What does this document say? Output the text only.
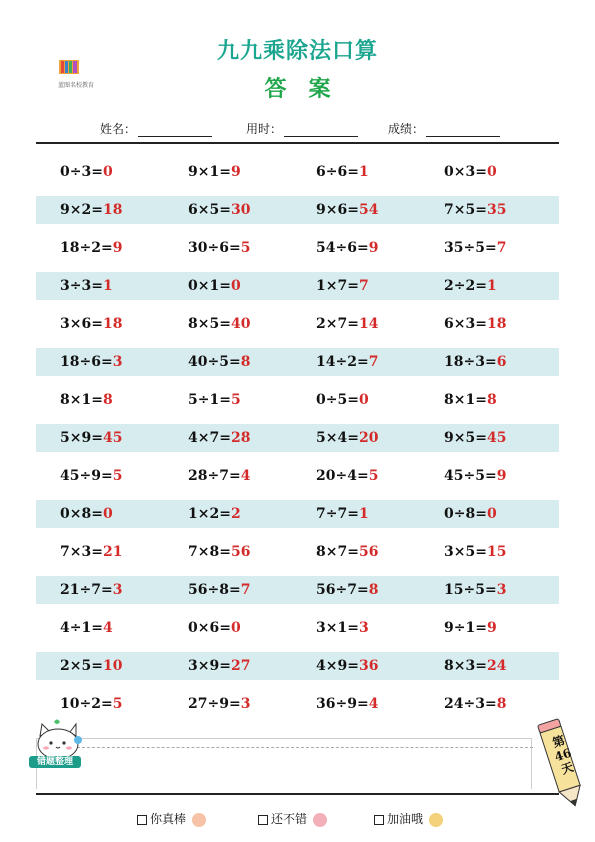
蓝图名校教育
九九乘除法口算
答案
姓名：	用时：	成绩：
0÷3=0	9×1=9	6÷6=1	0×3=0
9×2=18	6×5=30	9×6=54	7×5=35
18÷2=9	30÷6=5	54÷6=9	35÷5=7
3÷3=1	0×1=0	1×7=7	2÷2=1
3×6=18	8×5=40	2×7=14	6×3=18
18÷6=3	40÷5=8	14÷2=7	18÷3=6
8×1=8	5÷1=5	0÷5=0	8×1=8
5×9=45	4×7=28	5×4=20	9×5=45
45÷9=5	28÷7=4	20÷4=5	45÷5=9
0×8=0	1×2=2	7÷7=1	0÷8=0
7×3=21	7×8=56	8×7=56	3×5=15
21÷7=3	56÷8=7	56÷7=8	15÷5=3
4÷1=4	0×6=0	3×1=3	9÷1=9
2×5=10	3×9=27	4×9=36	8×3=24
10÷2=5	27÷9=3	36÷9=4	24÷3=8
错题整理
第
46
天
你真棒	还不错	加油哦
